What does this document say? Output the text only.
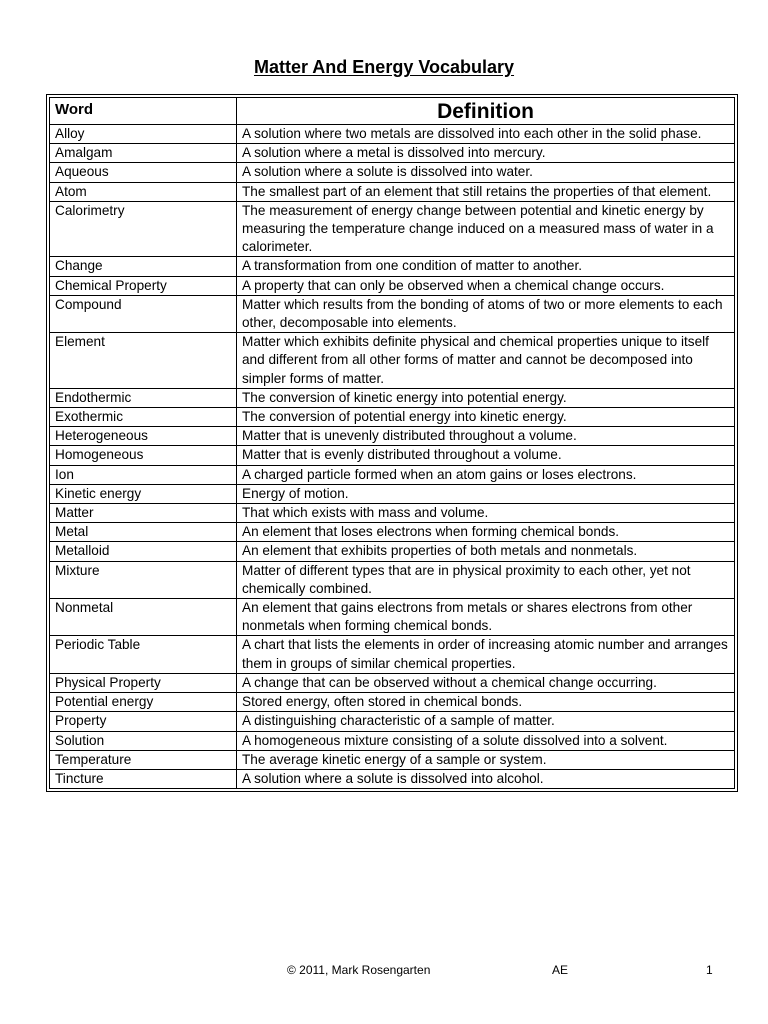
Matter And Energy Vocabulary
Word	Definition
Alloy	A solution where two metals are dissolved into each other in the solid phase.
Amalgam	A solution where a metal is dissolved into mercury.
Aqueous	A solution where a solute is dissolved into water.
Atom	The smallest part of an element that still retains the properties of that element.
Calorimetry	The measurement of energy change between potential and kinetic energy by measuring the temperature change induced on a measured mass of water in a calorimeter.
Change	A transformation from one condition of matter to another.
Chemical Property	A property that can only be observed when a chemical change occurs.
Compound	Matter which results from the bonding of atoms of two or more elements to each other, decomposable into elements.
Element	Matter which exhibits definite physical and chemical properties unique to itself and different from all other forms of matter and cannot be decomposed into simpler forms of matter.
Endothermic	The conversion of kinetic energy into potential energy.
Exothermic	The conversion of potential energy into kinetic energy.
Heterogeneous	Matter that is unevenly distributed throughout a volume.
Homogeneous	Matter that is evenly distributed throughout a volume.
Ion	A charged particle formed when an atom gains or loses electrons.
Kinetic energy	Energy of motion.
Matter	That which exists with mass and volume.
Metal	An element that loses electrons when forming chemical bonds.
Metalloid	An element that exhibits properties of both metals and nonmetals.
Mixture	Matter of different types that are in physical proximity to each other, yet not chemically combined.
Nonmetal	An element that gains electrons from metals or shares electrons from other nonmetals when forming chemical bonds.
Periodic Table	A chart that lists the elements in order of increasing atomic number and arranges them in groups of similar chemical properties.
Physical Property	A change that can be observed without a chemical change occurring.
Potential energy	Stored energy, often stored in chemical bonds.
Property	A distinguishing characteristic of a sample of matter.
Solution	A homogeneous mixture consisting of a solute dissolved into a solvent.
Temperature	The average kinetic energy of a sample or system.
Tincture	A solution where a solute is dissolved into alcohol.
© 2011, Mark Rosengarten	AE	1
